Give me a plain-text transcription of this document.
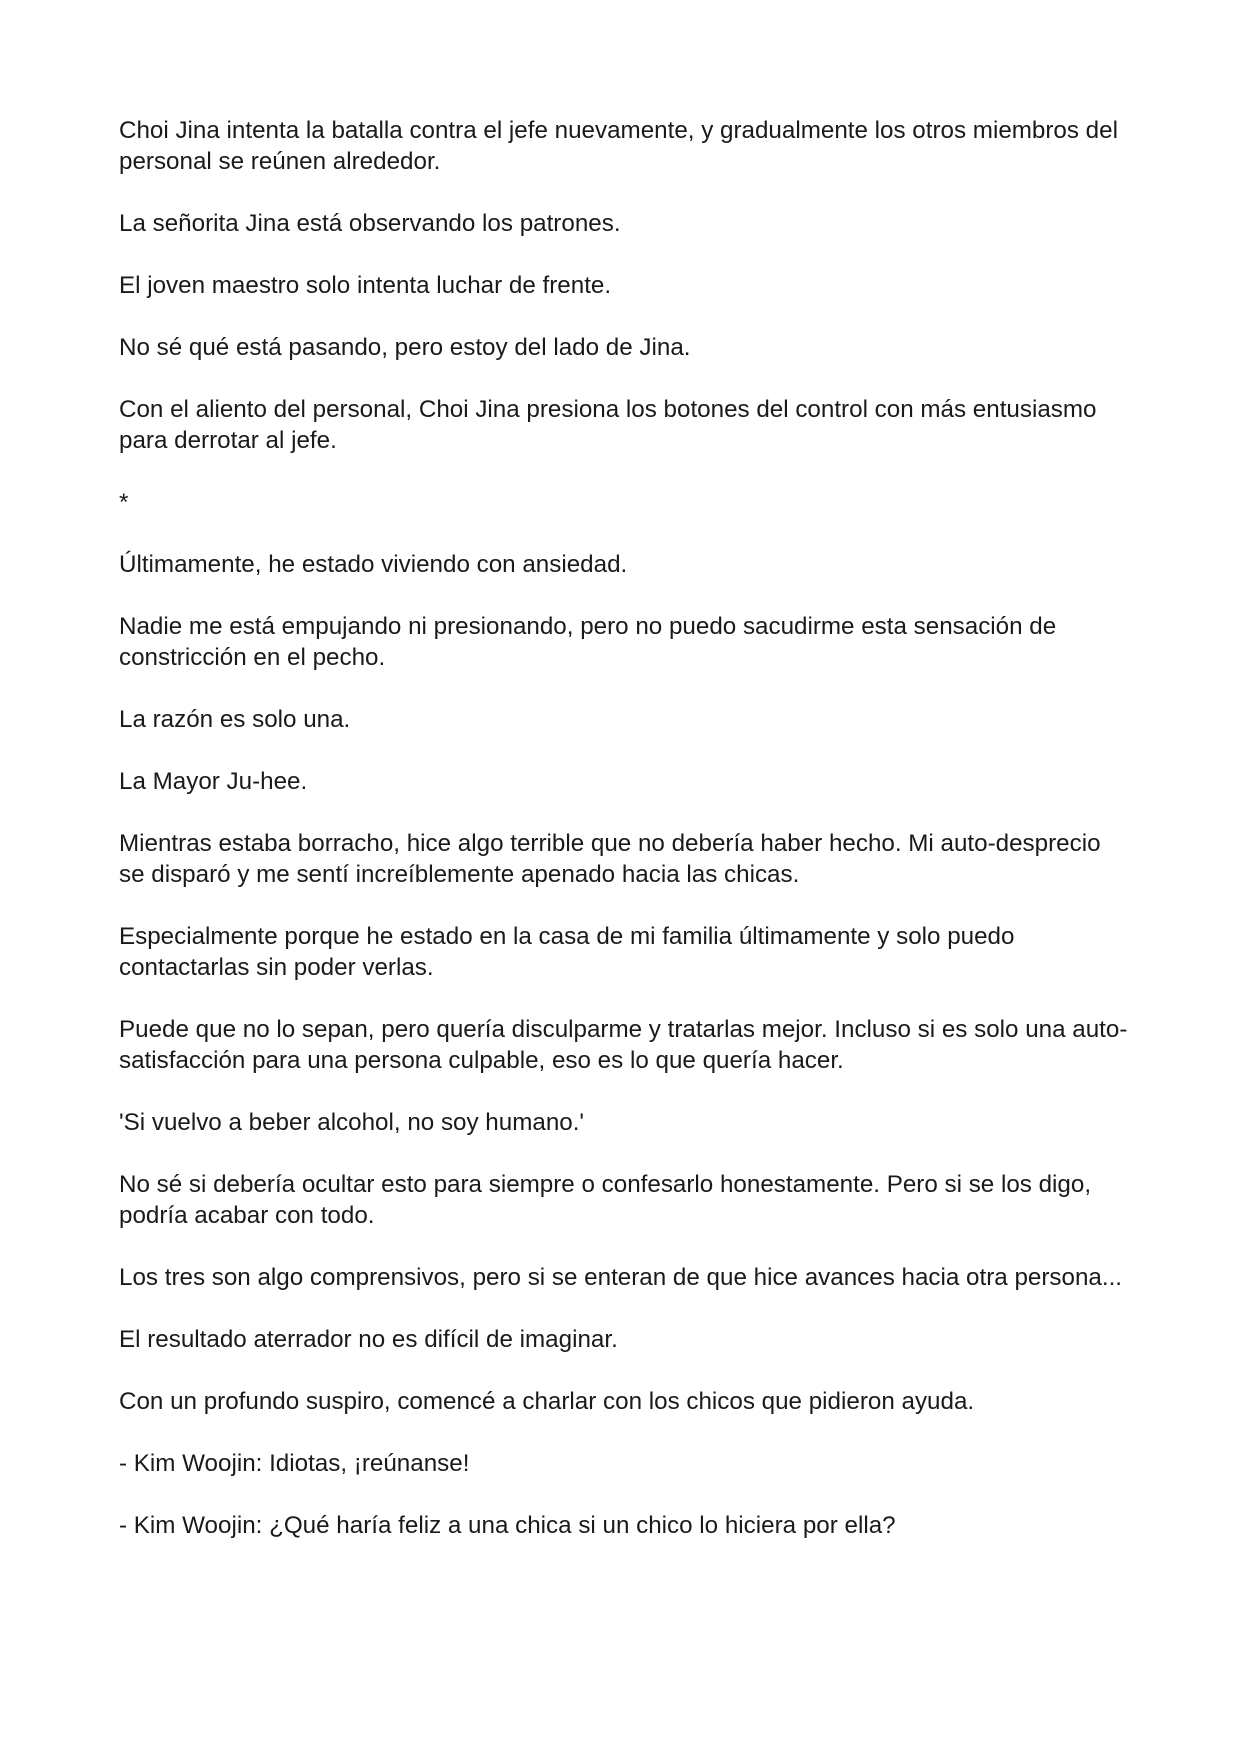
Choi Jina intenta la batalla contra el jefe nuevamente, y gradualmente los otros miembros del personal se reúnen alrededor.

La señorita Jina está observando los patrones.

El joven maestro solo intenta luchar de frente.

No sé qué está pasando, pero estoy del lado de Jina.

Con el aliento del personal, Choi Jina presiona los botones del control con más entusiasmo para derrotar al jefe.

*

Últimamente, he estado viviendo con ansiedad.

Nadie me está empujando ni presionando, pero no puedo sacudirme esta sensación de constricción en el pecho.

La razón es solo una.

La Mayor Ju-hee.

Mientras estaba borracho, hice algo terrible que no debería haber hecho. Mi auto-desprecio se disparó y me sentí increíblemente apenado hacia las chicas.

Especialmente porque he estado en la casa de mi familia últimamente y solo puedo contactarlas sin poder verlas.

Puede que no lo sepan, pero quería disculparme y tratarlas mejor. Incluso si es solo una auto-satisfacción para una persona culpable, eso es lo que quería hacer.

'Si vuelvo a beber alcohol, no soy humano.'

No sé si debería ocultar esto para siempre o confesarlo honestamente. Pero si se los digo, podría acabar con todo.

Los tres son algo comprensivos, pero si se enteran de que hice avances hacia otra persona...

El resultado aterrador no es difícil de imaginar.

Con un profundo suspiro, comencé a charlar con los chicos que pidieron ayuda.

- Kim Woojin: Idiotas, ¡reúnanse!

- Kim Woojin: ¿Qué haría feliz a una chica si un chico lo hiciera por ella?
